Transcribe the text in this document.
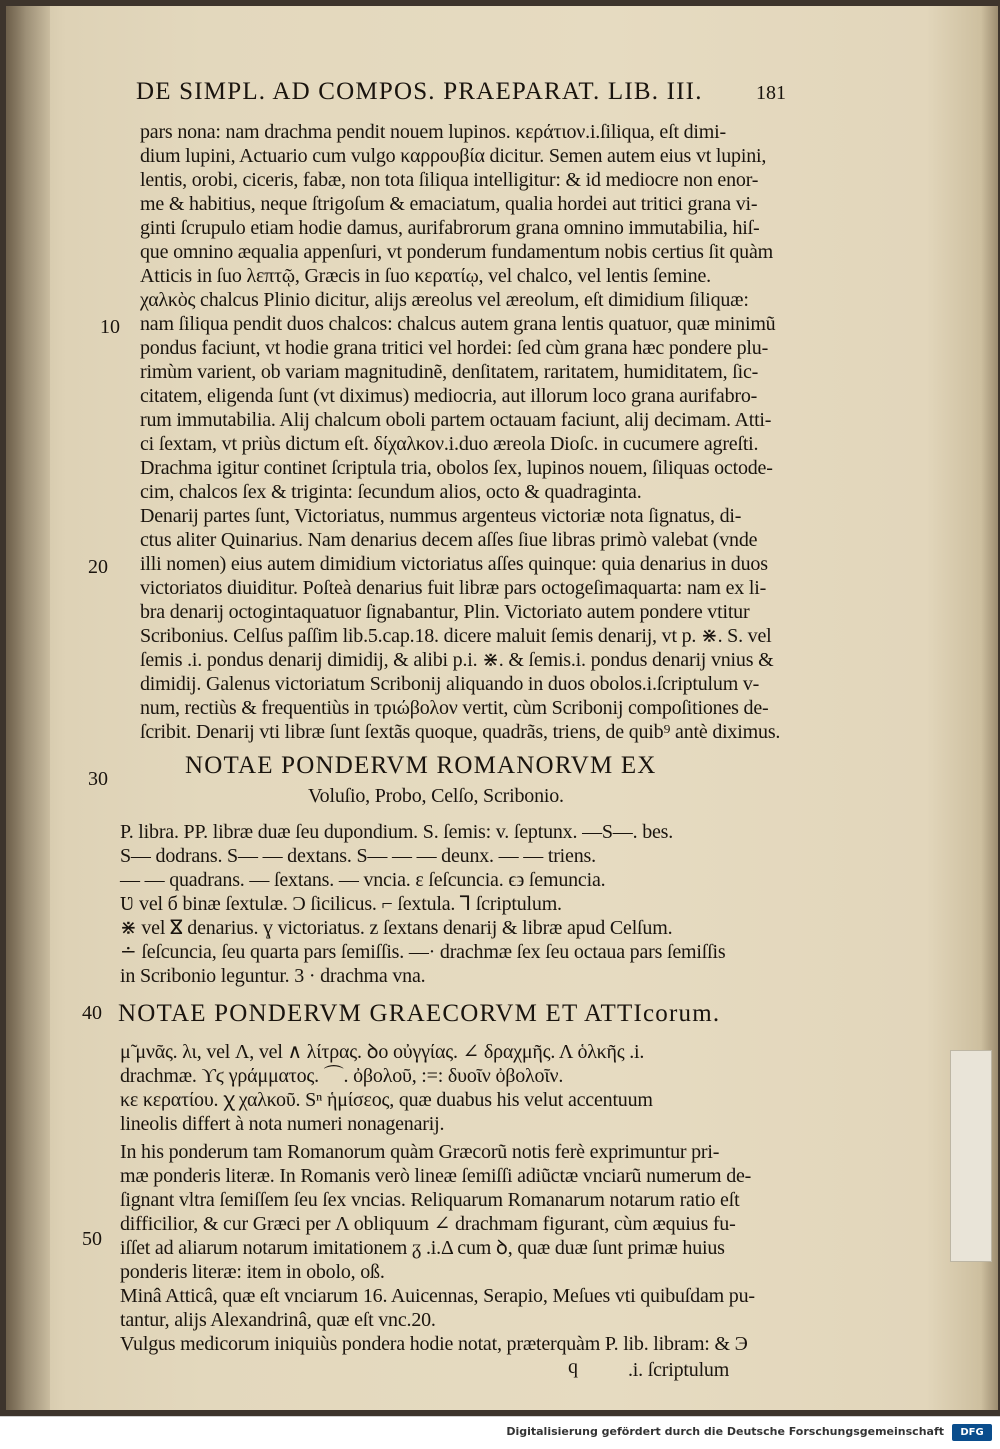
DE SIMPL. AD COMPOS. PRAEPARAT. LIB. III.	181
pars nona: nam drachma pendit nouem lupinos. κεράτιον.i.ſiliqua, eſt dimi-
dium lupini, Actuario cum vulgo καρρουβία dicitur. Semen autem eius vt lupini,
lentis, orobi, ciceris, fabæ, non tota ſiliqua intelligitur: & id mediocre non enor-
me & habitius, neque ſtrigoſum & emaciatum, qualia hordei aut tritici grana vi-
ginti ſcrupulo etiam hodie damus, aurifabrorum grana omnino immutabilia, hiſ-
que omnino æqualia appenſuri, vt ponderum fundamentum nobis certius ſit quàm
Atticis in ſuo λεπτῷ, Græcis in ſuo κερατίῳ, vel chalco, vel lentis ſemine.
χαλκὸς chalcus Plinio dicitur, alijs æreolus vel æreolum, eſt dimidium ſiliquæ:
nam ſiliqua pendit duos chalcos: chalcus autem grana lentis quatuor, quæ minimũ
pondus faciunt, vt hodie grana tritici vel hordei: ſed cùm grana hæc pondere plu-
rimùm varient, ob variam magnitudinẽ, denſitatem, raritatem, humiditatem, ſic-
citatem, eligenda ſunt (vt diximus) mediocria, aut illorum loco grana aurifabro-
rum immutabilia. Alij chalcum oboli partem octauam faciunt, alij decimam. Atti-
ci ſextam, vt priùs dictum eſt. δίχαλκον.i.duo æreola Dioſc. in cucumere agreſti.
Drachma igitur continet ſcriptula tria, obolos ſex, lupinos nouem, ſiliquas octode-
cim, chalcos ſex & triginta: ſecundum alios, octo & quadraginta.
Denarij partes ſunt, Victoriatus, nummus argenteus victoriæ nota ſignatus, di-
ctus aliter Quinarius. Nam denarius decem aſſes ſiue libras primò valebat (vnde
illi nomen) eius autem dimidium victoriatus aſſes quinque: quia denarius in duos
victoriatos diuiditur. Poſteà denarius fuit libræ pars octogeſimaquarta: nam ex li-
bra denarij octogintaquatuor ſignabantur, Plin. Victoriato autem pondere vtitur
Scribonius. Celſus paſſim lib.5.cap.18. dicere maluit ſemis denarij, vt p. ⋇. S. vel
ſemis .i. pondus denarij dimidij, & alibi p.i. ⋇. & ſemis.i. pondus denarij vnius &
dimidij. Galenus victoriatum Scribonij aliquando in duos obolos.i.ſcriptulum v-
num, rectiùs & frequentiùs in τριώβολον vertit, cùm Scribonij compoſitiones de-
ſcribit. Denarij vti libræ ſunt ſextãs quoque, quadrãs, triens, de quib⁹ antè diximus.
NOTAE PONDERVM ROMANORVM EX
Voluſio, Probo, Celſo, Scribonio.
P. libra. PP. libræ duæ ſeu dupondium. S. ſemis: v. ſeptunx. —S—. bes.
S— dodrans. S— — dextans. S— — — deunx. — — triens.
— — quadrans. — ſextans. — vncia. ε ſeſcuncia. ϵ϶ ſemuncia.
Ʋ vel б binæ ſextulæ. Ɔ ſicilicus. ⌐ ſextula. ⅂ ſcriptulum.
⋇ vel ⴵ denarius. ɣ victoriatus. z ſextans denarij & libræ apud Celſum.
∸ ſeſcuncia, ſeu quarta pars ſemiſſis. —· drachmæ ſex ſeu octaua pars ſemiſſis
in Scribonio leguntur. 3 · drachma vna.
NOTAE PONDERVM GRAECORVM ET ATTIcorum.
μ̃ μνᾶς. λι, vel Λ, vel ∧ λίτρας. ꝺo οὐγγίας. ∠ δραχμῆς. Λ ὁλκῆς .i.
drachmæ. ϒϛ γράμματος. ⌒. ὀβολοῦ, :=: δυοῖν ὀβολοῖν.
κε κερατίου. ꭓ χαλκοῦ. Sⁿ ἡμίσεος, quæ duabus his velut accentuum
lineolis differt à nota numeri nonagenarij.
In his ponderum tam Romanorum quàm Græcorũ notis ferè exprimuntur pri-
mæ ponderis literæ. In Romanis verò lineæ ſemiſſi adiũctæ vnciarũ numerum de-
ſignant vltra ſemiſſem ſeu ſex vncias. Reliquarum Romanarum notarum ratio eſt
difficilior, & cur Græci per Λ obliquum ∠ drachmam figurant, cùm æquius fu-
iſſet ad aliarum notarum imitationem ᵹ .i.Δ cum ꝺ, quæ duæ ſunt primæ huius
ponderis literæ: item in obolo, oß.
Minâ Atticâ, quæ eſt vnciarum 16. Auicennas, Serapio, Meſues vti quibuſdam pu-
tantur, alijs Alexandrinâ, quæ eſt vnc.20.
Vulgus medicorum iniquiùs pondera hodie notat, præterquàm P. lib. libram: & Э
.i. ſcriptulum
q
10
20
30
40
50
Digitalisierung gefördert durch die Deutsche Forschungsgemeinschaft	DFG
